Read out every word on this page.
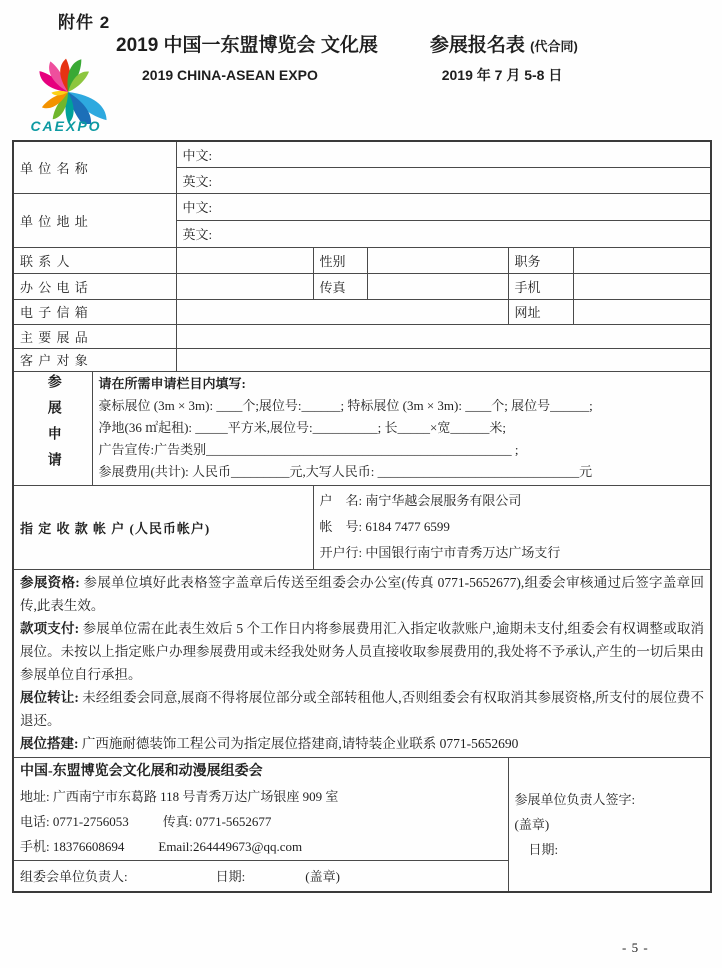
附件 2
CAEXPO
2019 中国一东盟博览会 文化展	参展报名表 (代合同)
2019 CHINA-ASEAN EXPO	2019 年 7 月 5-8 日
单 位 名 称		中文:				
		英文:				
单 位 地 址		中文:				
		英文:				
联 系 人			性别		职务	
办 公 电 话			传真		手机	
电 子 信 箱					网址	
主 要 展 品						
客 户 对 象						
参展申请	请在所需申请栏目内填写:
豪标展位 (3m × 3m): ____个;展位号:______; 特标展位 (3m × 3m): ____个; 展位号______;
净地(36 ㎡起租): _____平方米,展位号:__________; 长_____×宽______米;
广告宣传:广告类别_______________________________________________ ;
参展费用(共计): 人民币_________元,大写人民币: _______________________________元					

指 定 收 款 帐 户 (人民币帐户)			户　名: 南宁华越会展服务有限公司
帐　号: 6184 7477 6599
开户行: 中国银行南宁市青秀万达广场支行			

参展资格: 参展单位填好此表格签字盖章后传送至组委会办公室(传真 0771-5652677),组委会审核通过后签字盖章回传,此表生效。

款项支付: 参展单位需在此表生效后 5 个工作日内将参展费用汇入指定收款账户,逾期未支付,组委会有权调整或取消展位。未按以上指定账户办理参展费用或未经我处财务人员直接收取参展费用的,我处将不予承认,产生的一切后果由参展单位自行承担。

展位转让: 未经组委会同意,展商不得将展位部分或全部转租他人,否则组委会有权取消其参展资格,所支付的展位费不退还。

展位搭建: 广西施耐德装饰工程公司为指定展位搭建商,请特装企业联系 0771-5652690						

中国-东盟博览会文化展和动漫展组委会
地址: 广西南宁市东葛路 118 号青秀万达广场银座 909 室
电话: 0771-2756053	传真: 0771-5652677
手机: 18376608694	Email:264449673@qq.com

参展单位负责人签字:
(盖章)
日期:

组委会单位负责人: 日期: (盖章)						
- 5 -
